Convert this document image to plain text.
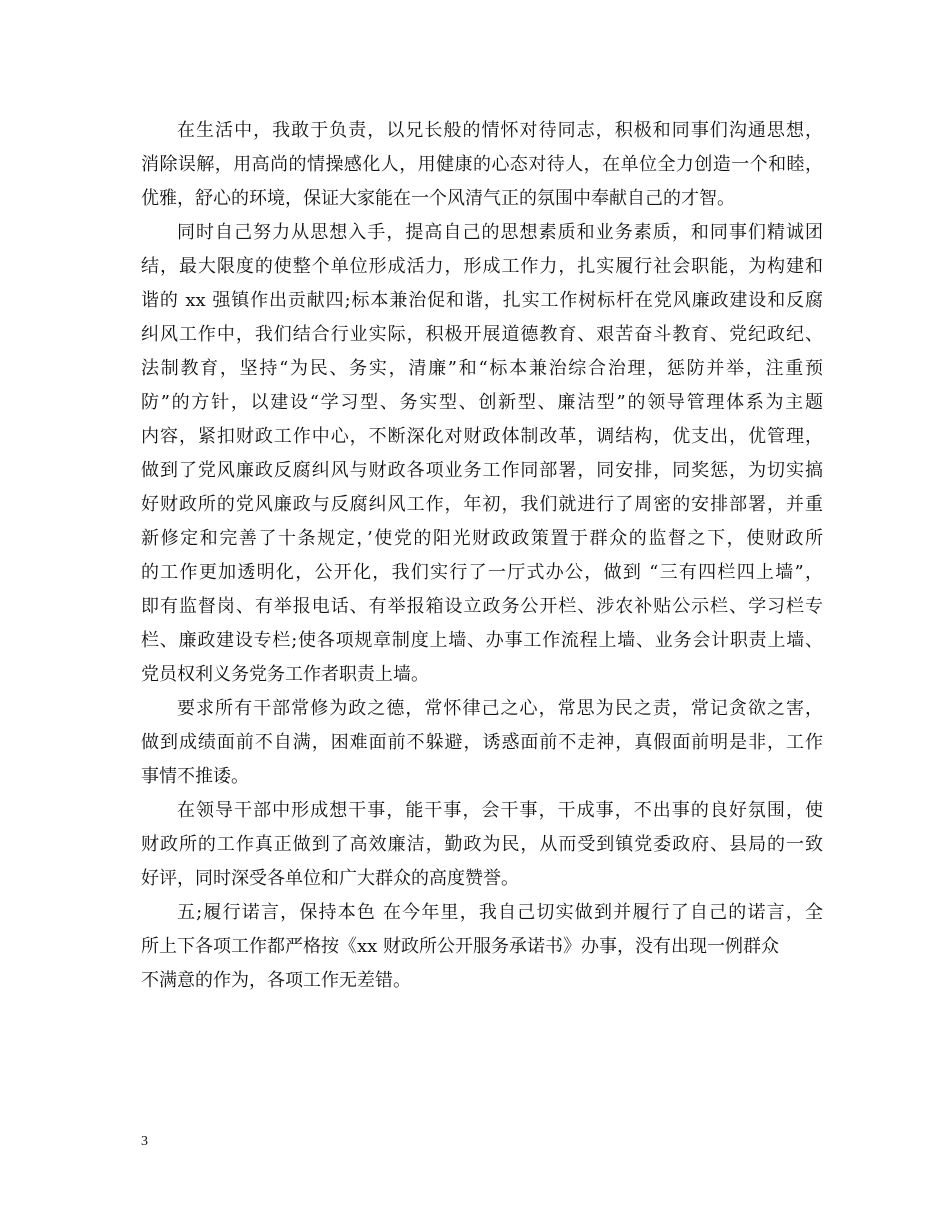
在生活中，我敢于负责，以兄长般的情怀对待同志，积极和同事们沟通思想，
消除误解，用高尚的情操感化人，用健康的心态对待人，在单位全力创造一个和睦，
优雅，舒心的环境，保证大家能在一个风清气正的氛围中奉献自己的才智。
同时自己努力从思想入手，提高自己的思想素质和业务素质，和同事们精诚团
结，最大限度的使整个单位形成活力，形成工作力，扎实履行社会职能，为构建和
谐的 xx 强镇作出贡献四;标本兼治促和谐，扎实工作树标杆在党风廉政建设和反腐
纠风工作中，我们结合行业实际，积极开展道德教育、艰苦奋斗教育、党纪政纪、
法制教育，坚持“为民、务实，清廉”和“标本兼治综合治理，惩防并举，注重预
防”的方针，以建设“学习型、务实型、创新型、廉洁型”的领导管理体系为主题
内容，紧扣财政工作中心，不断深化对财政体制改革，调结构，优支出，优管理，
做到了党风廉政反腐纠风与财政各项业务工作同部署，同安排，同奖惩，为切实搞
好财政所的党风廉政与反腐纠风工作，年初，我们就进行了周密的安排部署，并重
新修定和完善了十条规定，’使党的阳光财政政策置于群众的监督之下，使财政所
的工作更加透明化，公开化，我们实行了一厅式办公，做到 “三有四栏四上墙”，
即有监督岗、有举报电话、有举报箱设立政务公开栏、涉农补贴公示栏、学习栏专
栏、廉政建设专栏;使各项规章制度上墙、办事工作流程上墙、业务会计职责上墙、
党员权利义务党务工作者职责上墙。
要求所有干部常修为政之德，常怀律己之心，常思为民之责，常记贪欲之害，
做到成绩面前不自满，困难面前不躲避，诱惑面前不走神，真假面前明是非，工作
事情不推诿。
在领导干部中形成想干事，能干事，会干事，干成事，不出事的良好氛围，使
财政所的工作真正做到了高效廉洁，勤政为民，从而受到镇党委政府、县局的一致
好评，同时深受各单位和广大群众的高度赞誉。
五;履行诺言，保持本色 在今年里，我自己切实做到并履行了自己的诺言，全
所上下各项工作都严格按《xx 财政所公开服务承诺书》办事，没有出现一例群众
不满意的作为，各项工作无差错。
3
